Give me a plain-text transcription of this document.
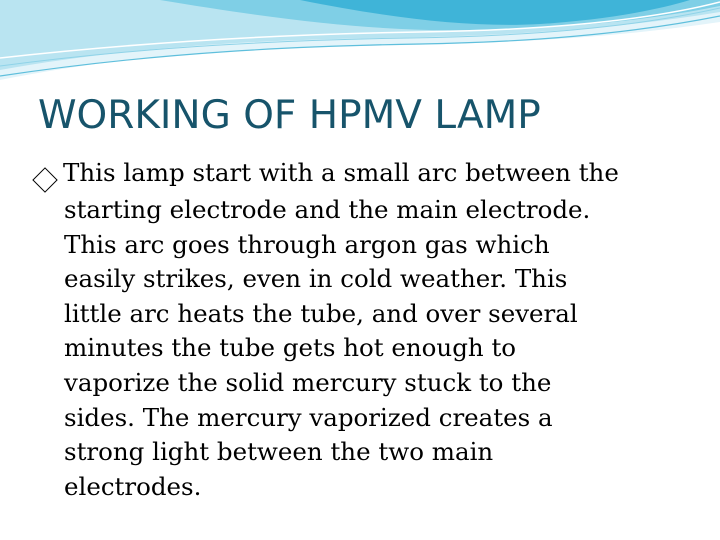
WORKING OF HPMV LAMP
This lamp start with a small arc between the
starting electrode and the main electrode.
This arc goes through argon gas which
easily strikes, even in cold weather. This
little arc heats the tube, and over several
minutes the tube gets hot enough to
vaporize the solid mercury stuck to the
sides. The mercury vaporized creates a
strong light between the two main
electrodes.
